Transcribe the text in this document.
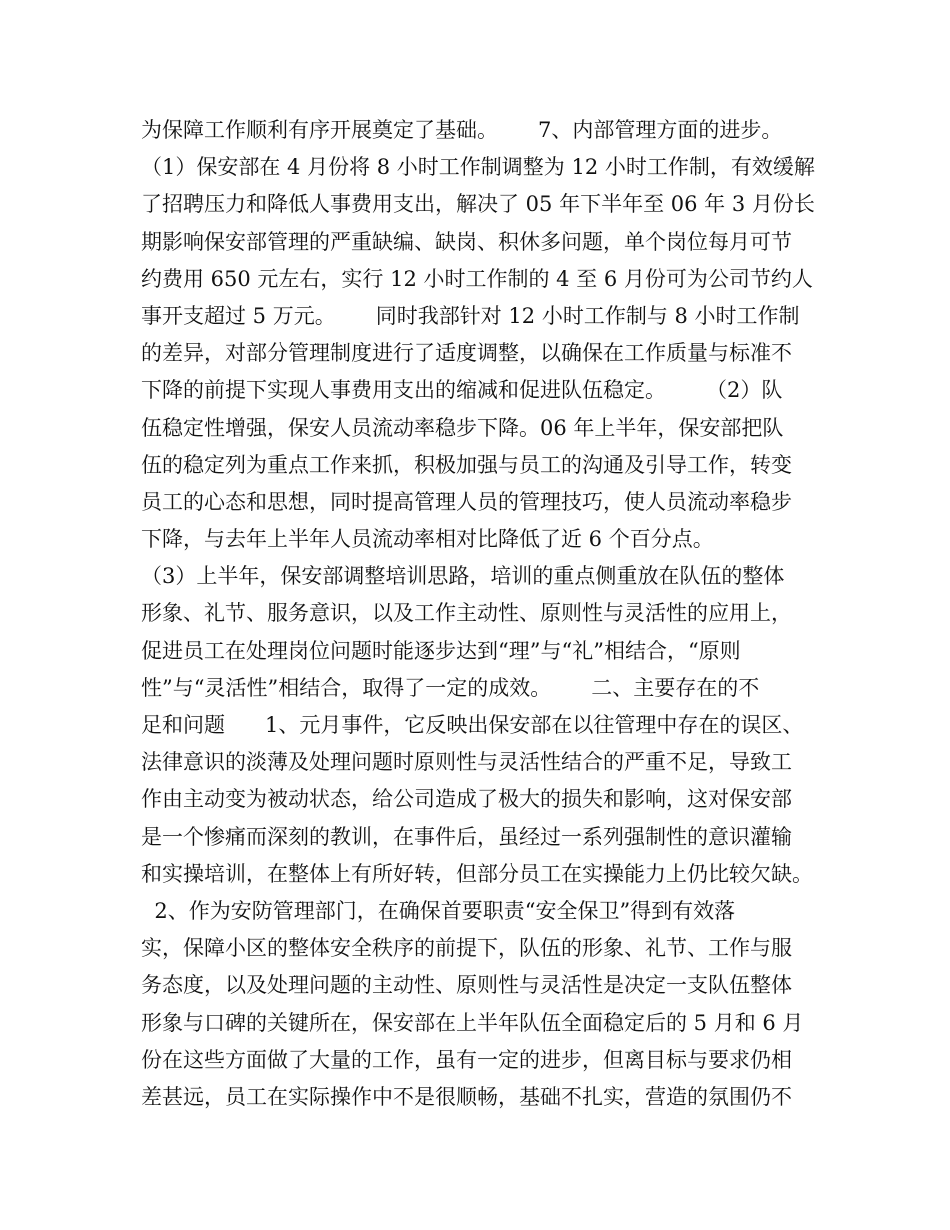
为保障工作顺利有序开展奠定了基础。      7、内部管理方面的进步。
（1）保安部在 4 月份将 8 小时工作制调整为 12 小时工作制，有效缓解
了招聘压力和降低人事费用支出，解决了 05 年下半年至 06 年 3 月份长
期影响保安部管理的严重缺编、缺岗、积休多问题，单个岗位每月可节
约费用 650 元左右，实行 12 小时工作制的 4 至 6 月份可为公司节约人
事开支超过 5 万元。      同时我部针对 12 小时工作制与 8 小时工作制
的差异，对部分管理制度进行了适度调整，以确保在工作质量与标准不
下降的前提下实现人事费用支出的缩减和促进队伍稳定。      （2）队
伍稳定性增强，保安人员流动率稳步下降。06 年上半年，保安部把队
伍的稳定列为重点工作来抓，积极加强与员工的沟通及引导工作，转变
员工的心态和思想，同时提高管理人员的管理技巧，使人员流动率稳步
下降，与去年上半年人员流动率相对比降低了近 6 个百分点。
（3）上半年，保安部调整培训思路，培训的重点侧重放在队伍的整体
形象、礼节、服务意识，以及工作主动性、原则性与灵活性的应用上，
促进员工在处理岗位问题时能逐步达到“理”与“礼”相结合，“原则
性”与“灵活性”相结合，取得了一定的成效。      二、主要存在的不
足和问题      1、元月事件，它反映出保安部在以往管理中存在的误区、
法律意识的淡薄及处理问题时原则性与灵活性结合的严重不足，导致工
作由主动变为被动状态，给公司造成了极大的损失和影响，这对保安部
是一个惨痛而深刻的教训，在事件后，虽经过一系列强制性的意识灌输
和实操培训，在整体上有所好转，但部分员工在实操能力上仍比较欠缺。
2、作为安防管理部门，在确保首要职责“安全保卫”得到有效落
实，保障小区的整体安全秩序的前提下，队伍的形象、礼节、工作与服
务态度，以及处理问题的主动性、原则性与灵活性是决定一支队伍整体
形象与口碑的关键所在，保安部在上半年队伍全面稳定后的 5 月和 6 月
份在这些方面做了大量的工作，虽有一定的进步，但离目标与要求仍相
差甚远，员工在实际操作中不是很顺畅，基础不扎实，营造的氛围仍不
